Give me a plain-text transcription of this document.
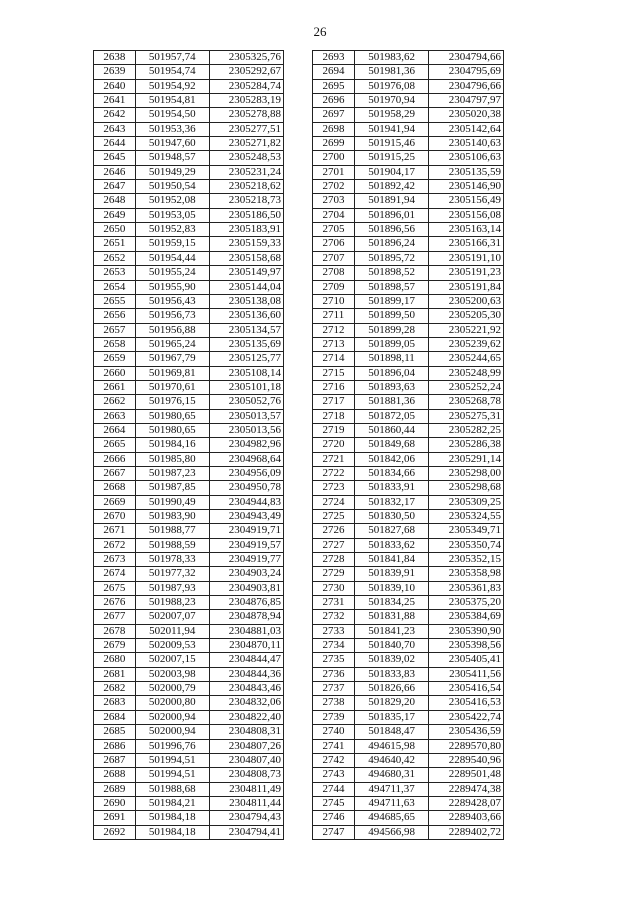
26
2638	501957,74	2305325,76
2639	501954,74	2305292,67
2640	501954,92	2305284,74
2641	501954,81	2305283,19
2642	501954,50	2305278,88
2643	501953,36	2305277,51
2644	501947,60	2305271,82
2645	501948,57	2305248,53
2646	501949,29	2305231,24
2647	501950,54	2305218,62
2648	501952,08	2305218,73
2649	501953,05	2305186,50
2650	501952,83	2305183,91
2651	501959,15	2305159,33
2652	501954,44	2305158,68
2653	501955,24	2305149,97
2654	501955,90	2305144,04
2655	501956,43	2305138,08
2656	501956,73	2305136,60
2657	501956,88	2305134,57
2658	501965,24	2305135,69
2659	501967,79	2305125,77
2660	501969,81	2305108,14
2661	501970,61	2305101,18
2662	501976,15	2305052,76
2663	501980,65	2305013,57
2664	501980,65	2305013,56
2665	501984,16	2304982,96
2666	501985,80	2304968,64
2667	501987,23	2304956,09
2668	501987,85	2304950,78
2669	501990,49	2304944,83
2670	501983,90	2304943,49
2671	501988,77	2304919,71
2672	501988,59	2304919,57
2673	501978,33	2304919,77
2674	501977,32	2304903,24
2675	501987,93	2304903,81
2676	501988,23	2304876,85
2677	502007,07	2304878,94
2678	502011,94	2304881,03
2679	502009,53	2304870,11
2680	502007,15	2304844,47
2681	502003,98	2304844,36
2682	502000,79	2304843,46
2683	502000,80	2304832,06
2684	502000,94	2304822,40
2685	502000,94	2304808,31
2686	501996,76	2304807,26
2687	501994,51	2304807,40
2688	501994,51	2304808,73
2689	501988,68	2304811,49
2690	501984,21	2304811,44
2691	501984,18	2304794,43
2692	501984,18	2304794,41
2693	501983,62	2304794,66
2694	501981,36	2304795,69
2695	501976,08	2304796,66
2696	501970,94	2304797,97
2697	501958,29	2305020,38
2698	501941,94	2305142,64
2699	501915,46	2305140,63
2700	501915,25	2305106,63
2701	501904,17	2305135,59
2702	501892,42	2305146,90
2703	501891,94	2305156,49
2704	501896,01	2305156,08
2705	501896,56	2305163,14
2706	501896,24	2305166,31
2707	501895,72	2305191,10
2708	501898,52	2305191,23
2709	501898,57	2305191,84
2710	501899,17	2305200,63
2711	501899,50	2305205,30
2712	501899,28	2305221,92
2713	501899,05	2305239,62
2714	501898,11	2305244,65
2715	501896,04	2305248,99
2716	501893,63	2305252,24
2717	501881,36	2305268,78
2718	501872,05	2305275,31
2719	501860,44	2305282,25
2720	501849,68	2305286,38
2721	501842,06	2305291,14
2722	501834,66	2305298,00
2723	501833,91	2305298,68
2724	501832,17	2305309,25
2725	501830,50	2305324,55
2726	501827,68	2305349,71
2727	501833,62	2305350,74
2728	501841,84	2305352,15
2729	501839,91	2305358,98
2730	501839,10	2305361,83
2731	501834,25	2305375,20
2732	501831,88	2305384,69
2733	501841,23	2305390,90
2734	501840,70	2305398,56
2735	501839,02	2305405,41
2736	501833,83	2305411,56
2737	501826,66	2305416,54
2738	501829,20	2305416,53
2739	501835,17	2305422,74
2740	501848,47	2305436,59
2741	494615,98	2289570,80
2742	494640,42	2289540,96
2743	494680,31	2289501,48
2744	494711,37	2289474,38
2745	494711,63	2289428,07
2746	494685,65	2289403,66
2747	494566,98	2289402,72
